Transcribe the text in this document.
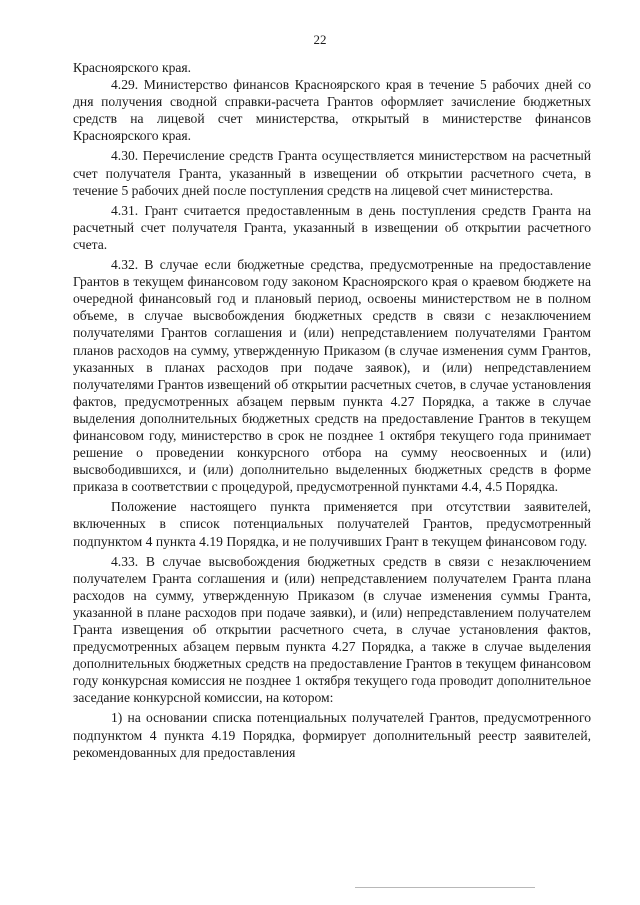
22

Красноярского края.

4.29. Министерство финансов Красноярского края в течение 5 рабочих дней со дня получения сводной справки-расчета Грантов оформляет зачисление бюджетных средств на лицевой счет министерства, открытый в министерстве финансов Красноярского края.

4.30. Перечисление средств Гранта осуществляется министерством на расчетный счет получателя Гранта, указанный в извещении об открытии расчетного счета, в течение 5 рабочих дней после поступления средств на лицевой счет министерства.

4.31. Грант считается предоставленным в день поступления средств Гранта на расчетный счет получателя Гранта, указанный в извещении об открытии расчетного счета.

4.32. В случае если бюджетные средства, предусмотренные на предоставление Грантов в текущем финансовом году законом Красноярского края о краевом бюджете на очередной финансовый год и плановый период, освоены министерством не в полном объеме, в случае высвобождения бюджетных средств в связи с незаключением получателями Грантов соглашения и (или) непредставлением получателями Грантом планов расходов на сумму, утвержденную Приказом (в случае изменения сумм Грантов, указанных в планах расходов при подаче заявок), и (или) непредставлением получателями Грантов извещений об открытии расчетных счетов, в случае установления фактов, предусмотренных абзацем первым пункта 4.27 Порядка, а также в случае выделения дополнительных бюджетных средств на предоставление Грантов в текущем финансовом году, министерство в срок не позднее 1 октября текущего года принимает решение о проведении конкурсного отбора на сумму неосвоенных и (или) высвободившихся, и (или) дополнительно выделенных бюджетных средств в форме приказа в соответствии с процедурой, предусмотренной пунктами 4.4, 4.5 Порядка.

Положение настоящего пункта применяется при отсутствии заявителей, включенных в список потенциальных получателей Грантов, предусмотренный подпунктом 4 пункта 4.19 Порядка, и не получивших Грант в текущем финансовом году.

4.33. В случае высвобождения бюджетных средств в связи с незаключением получателем Гранта соглашения и (или) непредставлением получателем Гранта плана расходов на сумму, утвержденную Приказом (в случае изменения суммы Гранта, указанной в плане расходов при подаче заявки), и (или) непредставлением получателем Гранта извещения об открытии расчетного счета, в случае установления фактов, предусмотренных абзацем первым пункта 4.27 Порядка, а также в случае выделения дополнительных бюджетных средств на предоставление Грантов в текущем финансовом году конкурсная комиссия не позднее 1 октября текущего года проводит дополнительное заседание конкурсной комиссии, на котором:

1) на основании списка потенциальных получателей Грантов, предусмотренного подпунктом 4 пункта 4.19 Порядка, формирует дополнительный реестр заявителей, рекомендованных для предоставления
